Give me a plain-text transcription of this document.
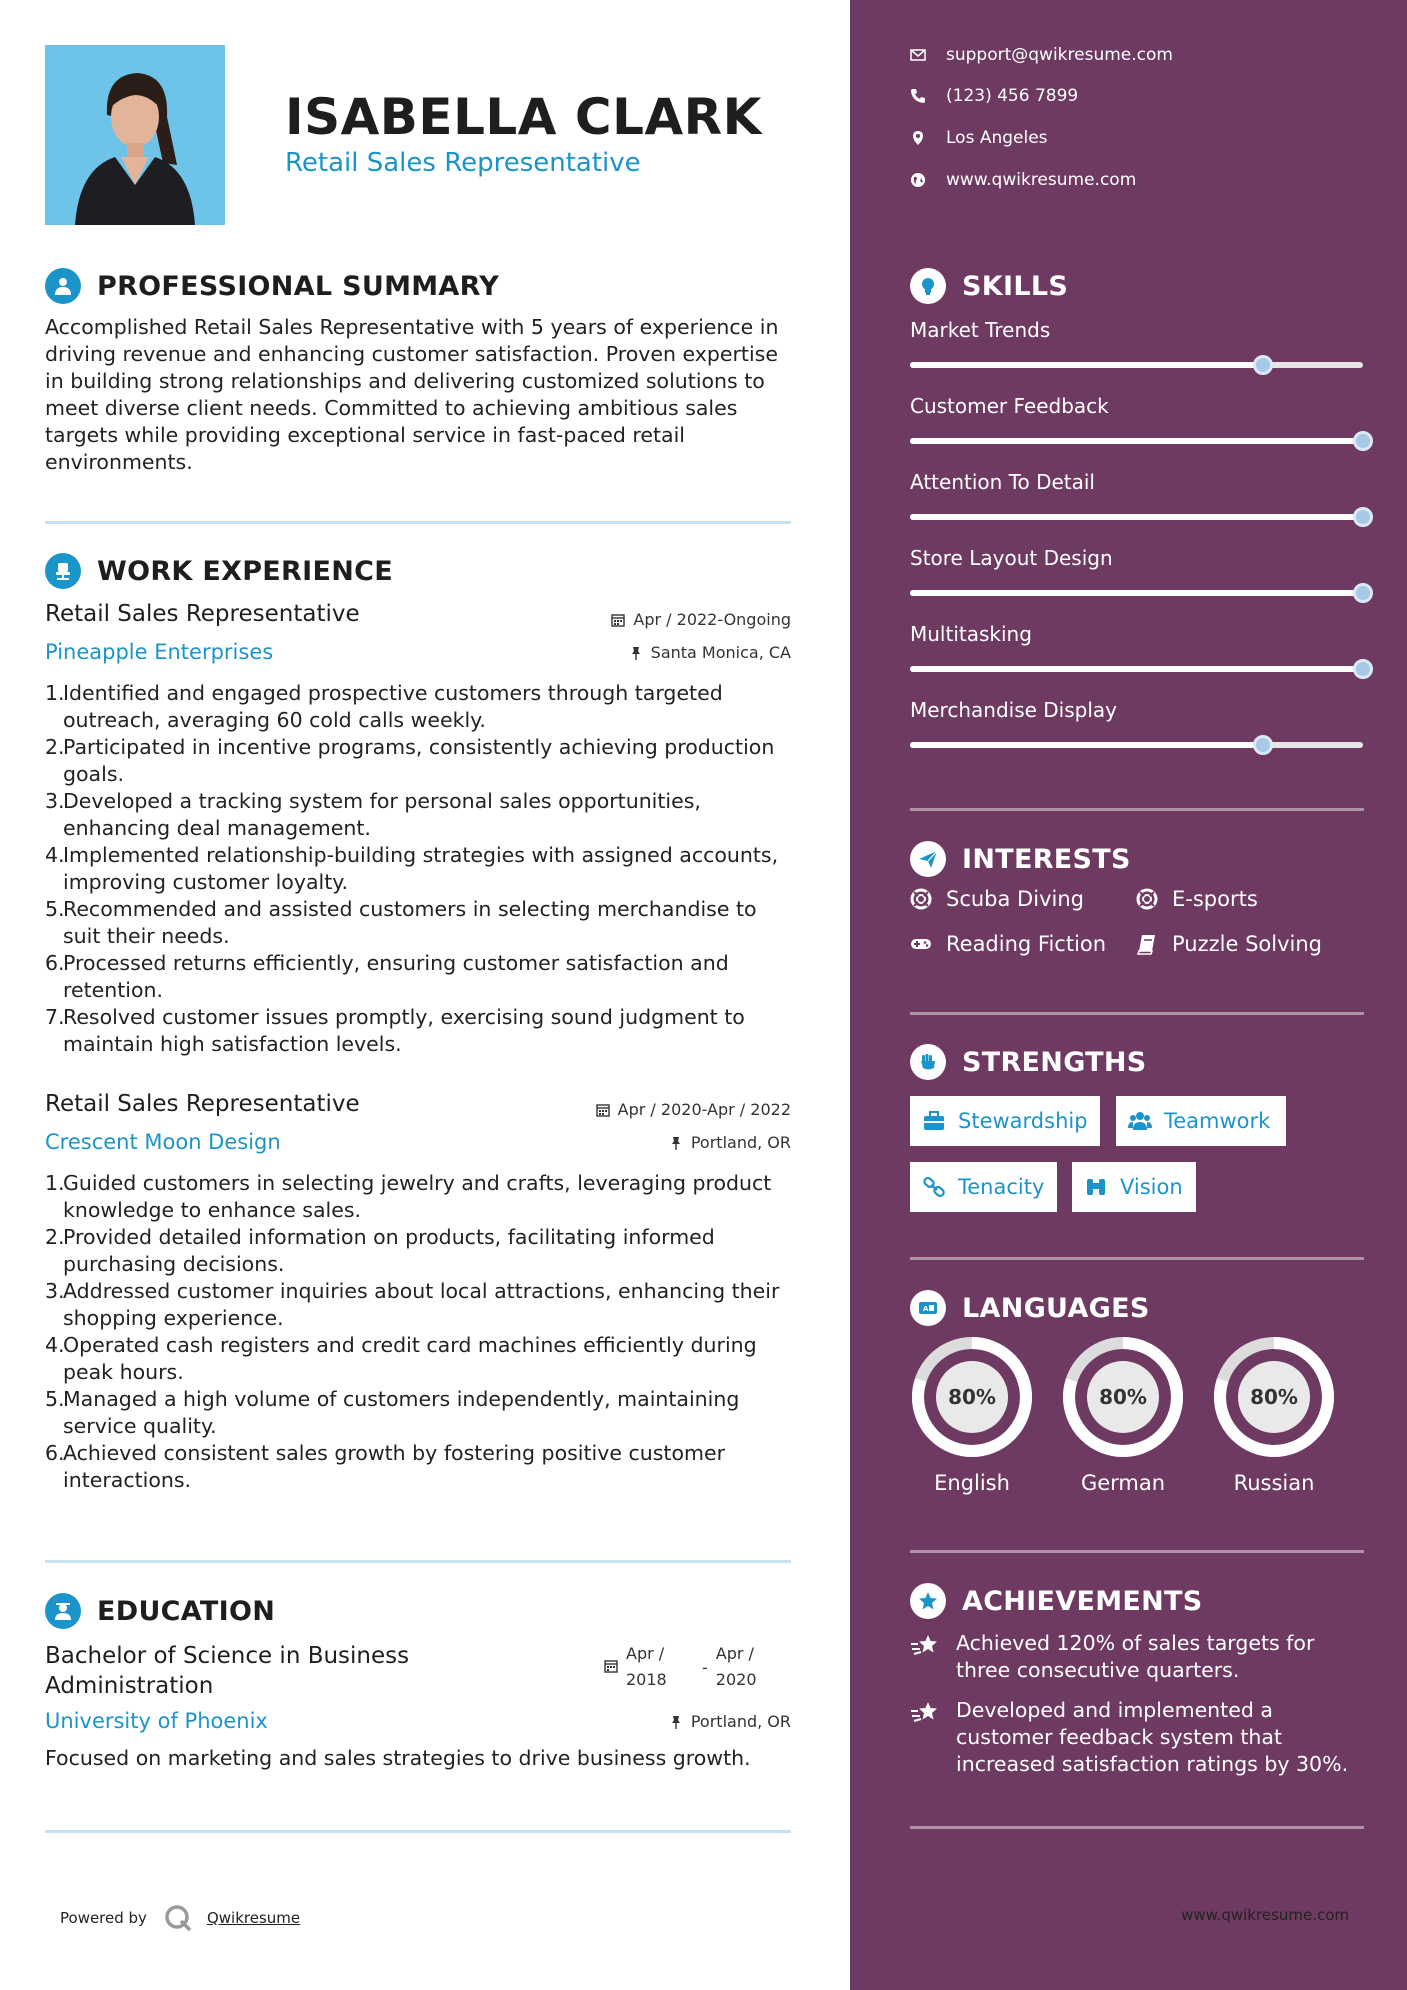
ISABELLA CLARK
Retail Sales Representative
PROFESSIONAL SUMMARY
Accomplished Retail Sales Representative with 5 years of experience in driving revenue and enhancing customer satisfaction. Proven expertise in building strong relationships and delivering customized solutions to meet diverse client needs. Committed to achieving ambitious sales targets while providing exceptional service in fast-paced retail environments.
WORK EXPERIENCE
Retail Sales Representative	Apr / 2022-Ongoing
Pineapple Enterprises	Santa Monica, CA
1.
Identified and engaged prospective customers through targeted outreach, averaging 60 cold calls weekly.
2.
Participated in incentive programs, consistently achieving production goals.
3.
Developed a tracking system for personal sales opportunities, enhancing deal management.
4.
Implemented relationship-building strategies with assigned accounts, improving customer loyalty.
5.
Recommended and assisted customers in selecting merchandise to suit their needs.
6.
Processed returns efficiently, ensuring customer satisfaction and retention.
7.
Resolved customer issues promptly, exercising sound judgment to maintain high satisfaction levels.
Retail Sales Representative	Apr / 2020-Apr / 2022
Crescent Moon Design	Portland, OR
1.
Guided customers in selecting jewelry and crafts, leveraging product knowledge to enhance sales.
2.
Provided detailed information on products, facilitating informed purchasing decisions.
3.
Addressed customer inquiries about local attractions, enhancing their shopping experience.
4.
Operated cash registers and credit card machines efficiently during peak hours.
5.
Managed a high volume of customers independently, maintaining service quality.
6.
Achieved consistent sales growth by fostering positive customer interactions.
EDUCATION
Bachelor of Science in Business Administration
Apr /
2018
-
Apr /
2020
University of Phoenix	Portland, OR
Focused on marketing and sales strategies to drive business growth.
Powered by	Qwikresume
support@qwikresume.com
(123) 456 7899
Los Angeles
www.qwikresume.com
SKILLS
Market Trends
Customer Feedback
Attention To Detail
Store Layout Design
Multitasking
Merchandise Display
INTERESTS
Scuba Diving	E-sports
Reading Fiction	Puzzle Solving
STRENGTHS
Stewardship	Teamwork
Tenacity	Vision
A LANGUAGES
80%
English
80%
German
80%
Russian
ACHIEVEMENTS
Achieved 120% of sales targets for three consecutive quarters.
Developed and implemented a customer feedback system that increased satisfaction ratings by 30%.
www.qwikresume.com
